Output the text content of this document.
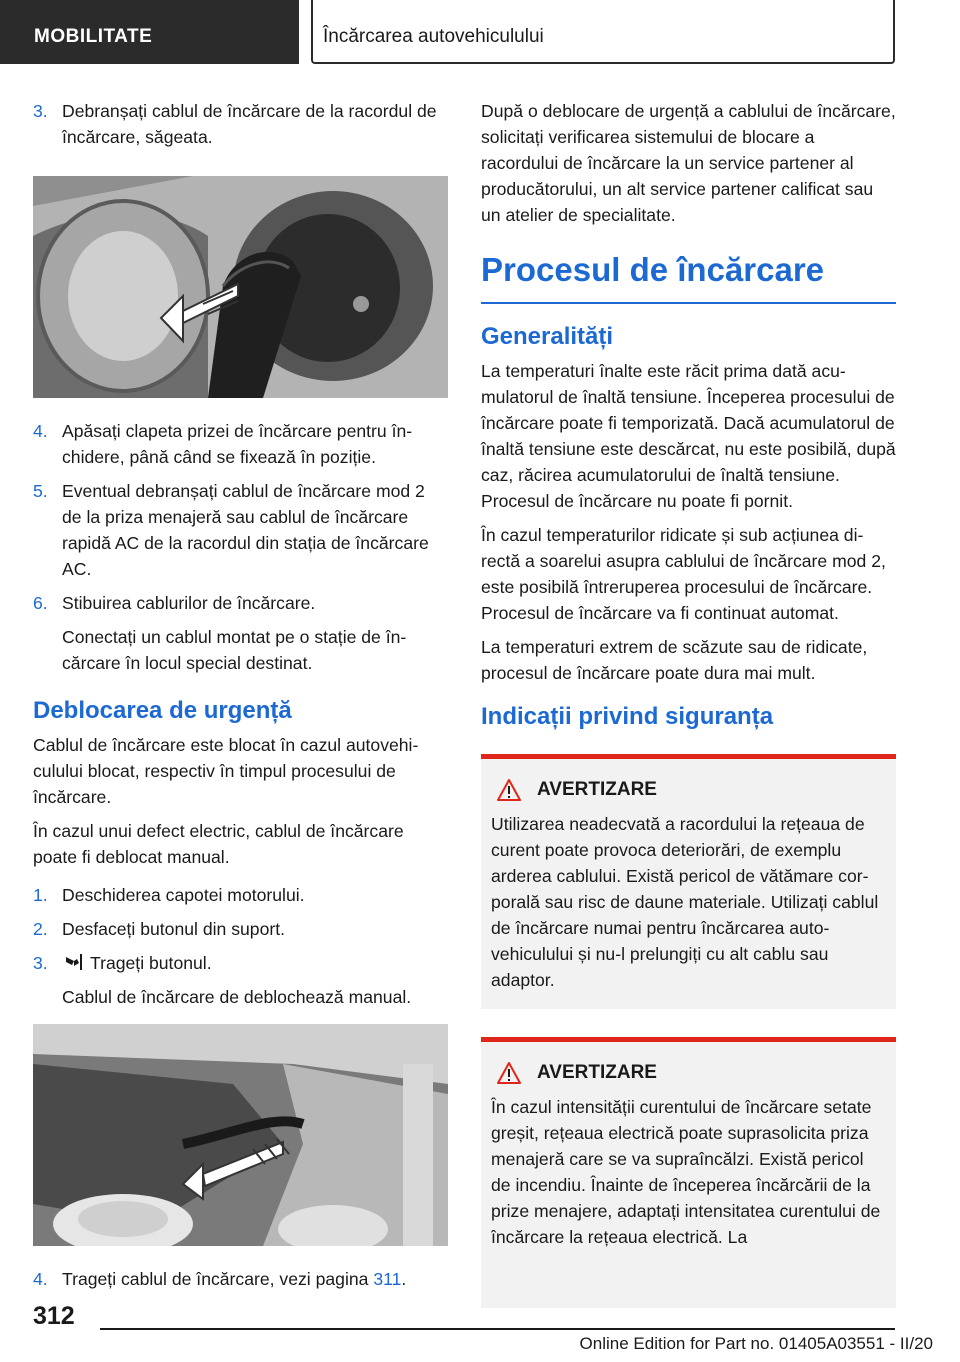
MOBILITATE	Încărcarea autovehiculului
3. Debranșați cablul de încărcare de la racordul de încărcare, săgeata.
4. Apăsați clapeta prizei de încărcare pentru închidere, până când se fixează în poziție.
5. Eventual debranșați cablul de încărcare mod 2 de la priza menajeră sau cablul de încărcare rapidă AC de la racordul din stația de încărcare AC.
6. Stibuirea cablurilor de încărcare.
Conectați un cablul montat pe o stație de încărcare în locul special destinat.
Deblocarea de urgență
Cablul de încărcare este blocat în cazul autovehiculului blocat, respectiv în timpul procesului de încărcare.
În cazul unui defect electric, cablul de încărcare poate fi deblocat manual.
1. Deschiderea capotei motorului.
2. Desfaceți butonul din suport.
3. Trageți butonul.
Cablul de încărcare de deblochează manual.
4. Trageți cablul de încărcare, vezi pagina 311.
După o deblocare de urgență a cablului de încărcare, solicitați verificarea sistemului de blocare a racordului de încărcare la un service partener al producătorului, un alt service partener calificat sau un atelier de specialitate.
Procesul de încărcare
Generalități
La temperaturi înalte este răcit prima dată acumulatorul de înaltă tensiune. Începerea procesului de încărcare poate fi temporizată. Dacă acumulatorul de înaltă tensiune este descărcat, nu este posibilă, după caz, răcirea acumulatorului de înaltă tensiune. Procesul de încărcare nu poate fi pornit.
În cazul temperaturilor ridicate și sub acțiunea directă a soarelui asupra cablului de încărcare mod 2, este posibilă întreruperea procesului de încărcare. Procesul de încărcare va fi continuat automat.
La temperaturi extrem de scăzute sau de ridicate, procesul de încărcare poate dura mai mult.
Indicații privind siguranța
AVERTIZARE

Utilizarea neadecvată a racordului la rețeaua de curent poate provoca deteriorări, de exemplu arderea cablului. Există pericol de vătămare corporală sau risc de daune materiale. Utilizați cablul de încărcare numai pentru încărcarea autovehiculului și nu-l prelungiți cu alt cablu sau adaptor.

AVERTIZARE

În cazul intensității curentului de încărcare setate greșit, rețeaua electrică poate suprasolicita priza menajeră care se va supraîncălzi. Există pericol de incendiu. Înainte de începerea încărcării de la prize menajere, adaptați intensitatea curentului de încărcare la rețeaua electrică. La

312
Online Edition for Part no. 01405A03551 - II/20
